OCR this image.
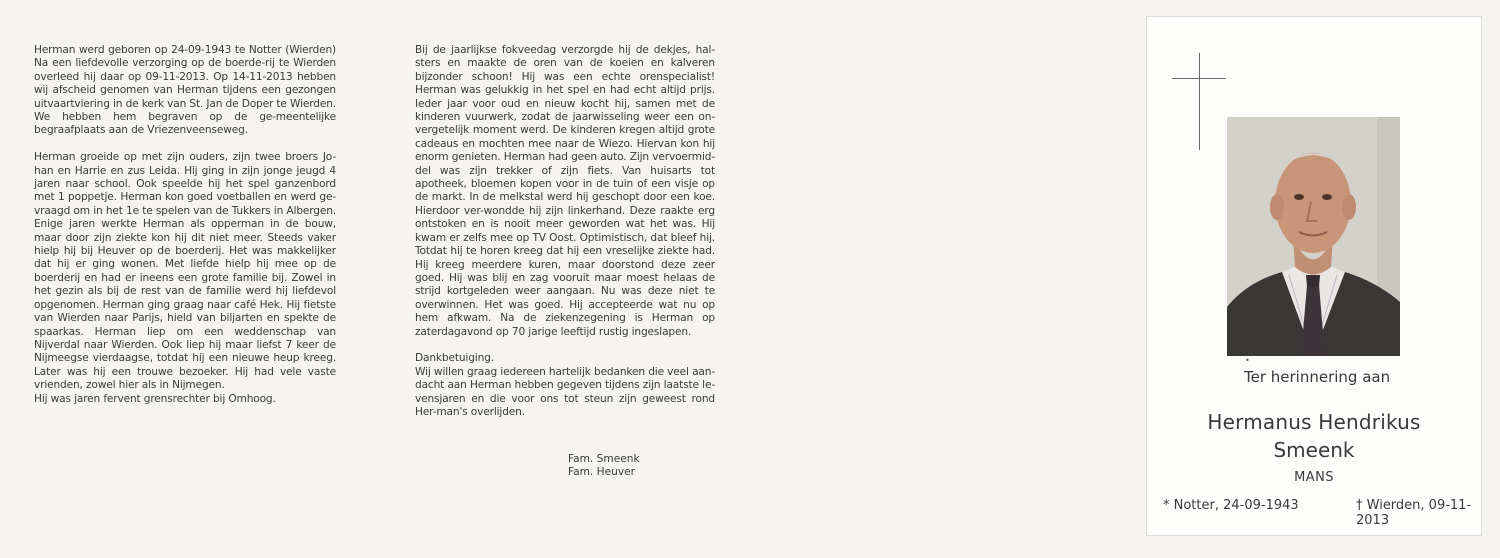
Herman werd geboren op 24-09-1943 te Notter (Wierden) Na een liefdevolle verzorging op de boerde-rij te Wierden overleed hij daar op 09-11-2013. Op 14-11-2013 hebben wij afscheid genomen van Herman tijdens een gezongen uitvaartviering in de kerk van St. Jan de Doper te Wierden. We hebben hem begraven op de ge-meentelijke begraafplaats aan de Vriezenveenseweg.

Herman groeide op met zijn ouders, zijn twee broers Jo-han en Harrie en zus Leida. Hij ging in zijn jonge jeugd 4 jaren naar school. Ook speelde hij het spel ganzenbord met 1 poppetje. Herman kon goed voetballen en werd ge-vraagd om in het 1e te spelen van de Tukkers in Albergen. Enige jaren werkte Herman als opperman in de bouw, maar door zijn ziekte kon hij dit niet meer. Steeds vaker hielp hij bij Heuver op de boerderij. Het was makkelijker dat hij er ging wonen. Met liefde hielp hij mee op de boerderij en had er ineens een grote familie bij. Zowel in het gezin als bij de rest van de familie werd hij liefdevol opgenomen. Herman ging graag naar café Hek. Hij fietste van Wierden naar Parijs, hield van biljarten en spekte de spaarkas. Herman liep om een weddenschap van Nijverdal naar Wierden. Ook liep hij maar liefst 7 keer de Nijmeegse vierdaagse, totdat hij een nieuwe heup kreeg. Later was hij een trouwe bezoeker. Hij had vele vaste vrienden, zowel hier als in Nijmegen.
Hij was jaren fervent grensrechter bij Omhoog.

Bij de jaarlijkse fokveedag verzorgde hij de dekjes, hal-sters en maakte de oren van de koeien en kalveren bijzonder schoon! Hij was een echte orenspecialist! Herman was gelukkig in het spel en had echt altijd prijs. Ieder jaar voor oud en nieuw kocht hij, samen met de kinderen vuurwerk, zodat de jaarwisseling weer een on-vergetelijk moment werd. De kinderen kregen altijd grote cadeaus en mochten mee naar de Wiezo. Hiervan kon hij enorm genieten. Herman had geen auto. Zijn vervoermid-del was zijn trekker of zijn fiets. Van huisarts tot apotheek, bloemen kopen voor in de tuin of een visje op de markt. In de melkstal werd hij geschopt door een koe. Hierdoor ver-wondde hij zijn linkerhand. Deze raakte erg ontstoken en is nooit meer geworden wat het was. Hij kwam er zelfs mee op TV Oost. Optimistisch, dat bleef hij. Totdat hij te horen kreeg dat hij een vreselijke ziekte had. Hij kreeg meerdere kuren, maar doorstond deze zeer goed. Hij was blij en zag vooruit maar moest helaas de strijd kortgeleden weer aangaan. Nu was deze niet te overwinnen. Het was goed. Hij accepteerde wat nu op hem afkwam. Na de ziekenzegening is Herman op zaterdagavond op 70 jarige leeftijd rustig ingeslapen.

Dankbetuiging.
Wij willen graag iedereen hartelijk bedanken die veel aan-dacht aan Herman hebben gegeven tijdens zijn laatste le-vensjaren en die voor ons tot steun zijn geweest rond Her-man's overlijden.

Fam. Smeenk
Fam. Heuver
•
Ter herinnering aan
Hermanus Hendrikus
Smeenk
MANS
* Notter, 24-09-1943	† Wierden, 09-11-2013
